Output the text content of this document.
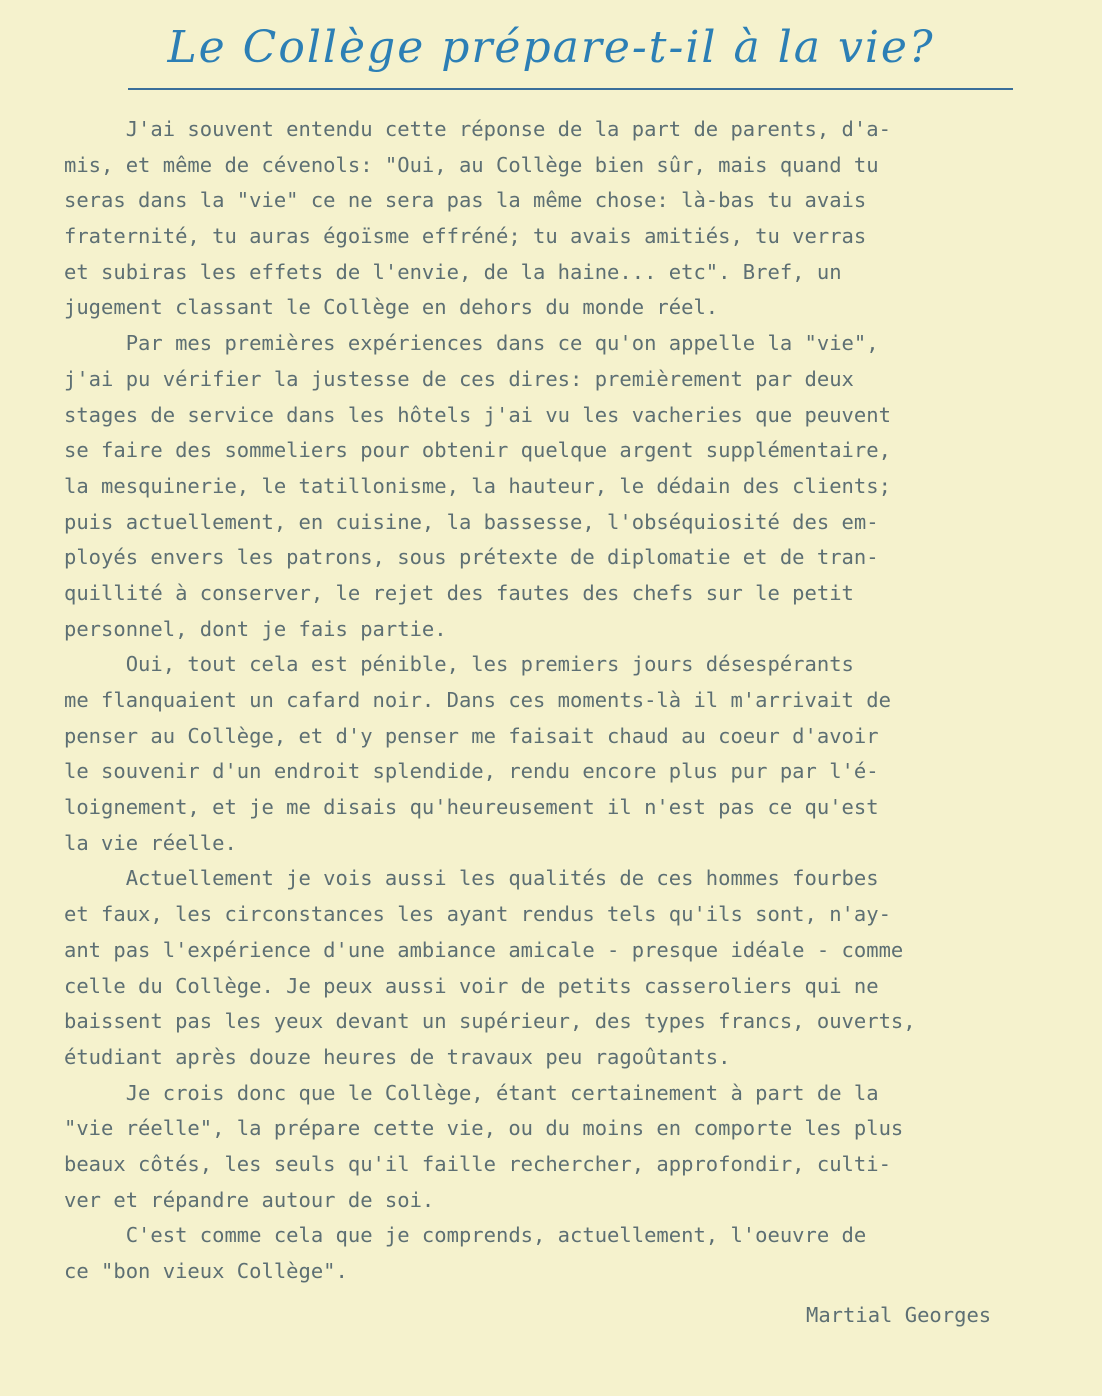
Le Collège prépare-t-il à la vie?
J'ai souvent entendu cette réponse de la part de parents, d'a-
mis, et même de cévenols: "Oui, au Collège bien sûr, mais quand tu
seras dans la "vie" ce ne sera pas la même chose: là-bas tu avais
fraternité, tu auras égoïsme effréné; tu avais amitiés, tu verras
et subiras les effets de l'envie, de la haine... etc". Bref, un
jugement classant le Collège en dehors du monde réel.
Par mes premières expériences dans ce qu'on appelle la "vie",
j'ai pu vérifier la justesse de ces dires: premièrement par deux
stages de service dans les hôtels j'ai vu les vacheries que peuvent
se faire des sommeliers pour obtenir quelque argent supplémentaire,
la mesquinerie, le tatillonisme, la hauteur, le dédain des clients;
puis actuellement, en cuisine, la bassesse, l'obséquiosité des em-
ployés envers les patrons, sous prétexte de diplomatie et de tran-
quillité à conserver, le rejet des fautes des chefs sur le petit
personnel, dont je fais partie.
Oui, tout cela est pénible, les premiers jours désespérants
me flanquaient un cafard noir. Dans ces moments-là il m'arrivait de
penser au Collège, et d'y penser me faisait chaud au coeur d'avoir
le souvenir d'un endroit splendide, rendu encore plus pur par l'é-
loignement, et je me disais qu'heureusement il n'est pas ce qu'est
la vie réelle.
Actuellement je vois aussi les qualités de ces hommes fourbes
et faux, les circonstances les ayant rendus tels qu'ils sont, n'ay-
ant pas l'expérience d'une ambiance amicale - presque idéale - comme
celle du Collège. Je peux aussi voir de petits casseroliers qui ne
baissent pas les yeux devant un supérieur, des types francs, ouverts,
étudiant après douze heures de travaux peu ragoûtants.
Je crois donc que le Collège, étant certainement à part de la
"vie réelle", la prépare cette vie, ou du moins en comporte les plus
beaux côtés, les seuls qu'il faille rechercher, approfondir, culti-
ver et répandre autour de soi.
C'est comme cela que je comprends, actuellement, l'oeuvre de
ce "bon vieux Collège".
Martial Georges
